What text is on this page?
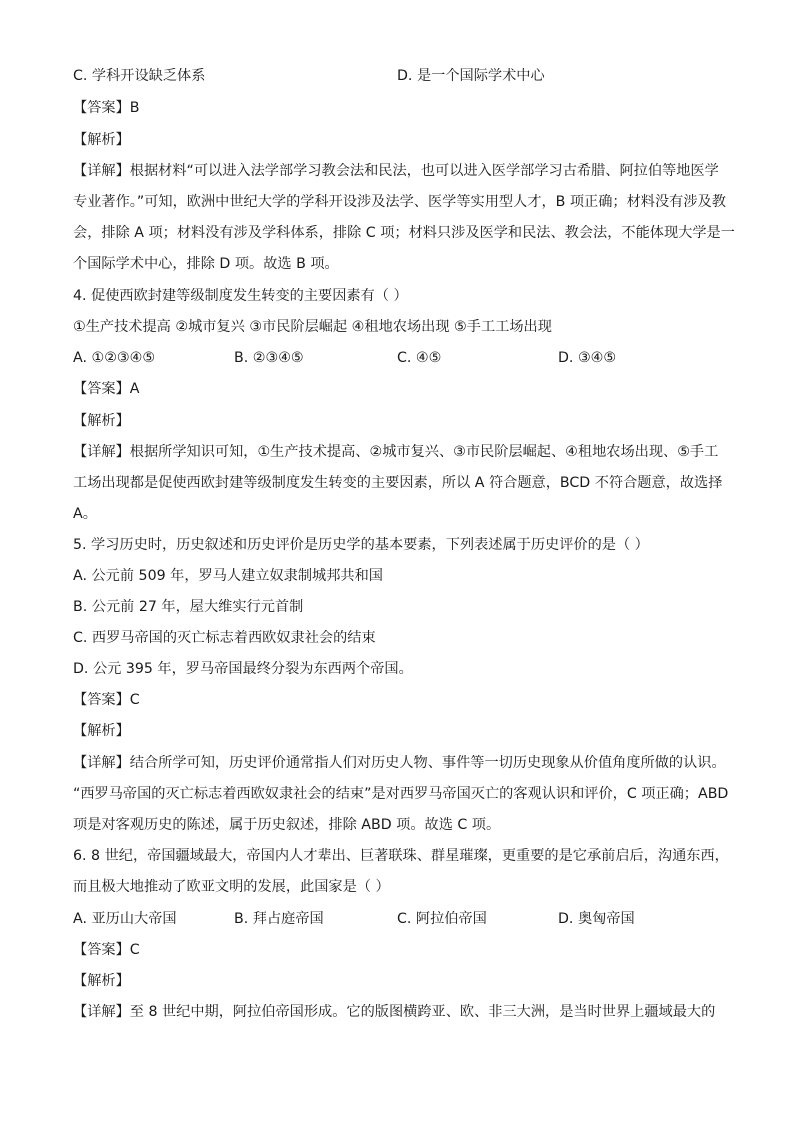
C. 学科开设缺乏体系	D. 是一个国际学术中心
【答案】B
【解析】
【详解】根据材料“可以进入法学部学习教会法和民法，也可以进入医学部学习古希腊、阿拉伯等地医学
专业著作。”可知，欧洲中世纪大学的学科开设涉及法学、医学等实用型人才，B 项正确；材料没有涉及教
会，排除 A 项；材料没有涉及学科体系，排除 C 项；材料只涉及医学和民法、教会法，不能体现大学是一
个国际学术中心，排除 D 项。故选 B 项。
4. 促使西欧封建等级制度发生转变的主要因素有（ ）
①生产技术提高 ②城市复兴 ③市民阶层崛起 ④租地农场出现 ⑤手工工场出现
A. ①②③④⑤	B. ②③④⑤	C. ④⑤	D. ③④⑤
【答案】A
【解析】
【详解】根据所学知识可知，①生产技术提高、②城市复兴、③市民阶层崛起、④租地农场出现、⑤手工
工场出现都是促使西欧封建等级制度发生转变的主要因素，所以 A 符合题意，BCD 不符合题意，故选择
A。
5. 学习历史时，历史叙述和历史评价是历史学的基本要素，下列表述属于历史评价的是（ ）
A. 公元前 509 年，罗马人建立奴隶制城邦共和国
B. 公元前 27 年，屋大维实行元首制
C. 西罗马帝国的灭亡标志着西欧奴隶社会的结束
D. 公元 395 年，罗马帝国最终分裂为东西两个帝国。
【答案】C
【解析】
【详解】结合所学可知，历史评价通常指人们对历史人物、事件等一切历史现象从价值角度所做的认识。
“西罗马帝国的灭亡标志着西欧奴隶社会的结束”是对西罗马帝国灭亡的客观认识和评价，C 项正确；ABD
项是对客观历史的陈述，属于历史叙述，排除 ABD 项。故选 C 项。
6. 8 世纪，帝国疆域最大，帝国内人才辈出、巨著联珠、群星璀璨，更重要的是它承前启后，沟通东西，
而且极大地推动了欧亚文明的发展，此国家是（ ）
A. 亚历山大帝国	B. 拜占庭帝国	C. 阿拉伯帝国	D. 奥匈帝国
【答案】C
【解析】
【详解】至 8 世纪中期，阿拉伯帝国形成。它的版图横跨亚、欧、非三大洲，是当时世界上疆域最大的
